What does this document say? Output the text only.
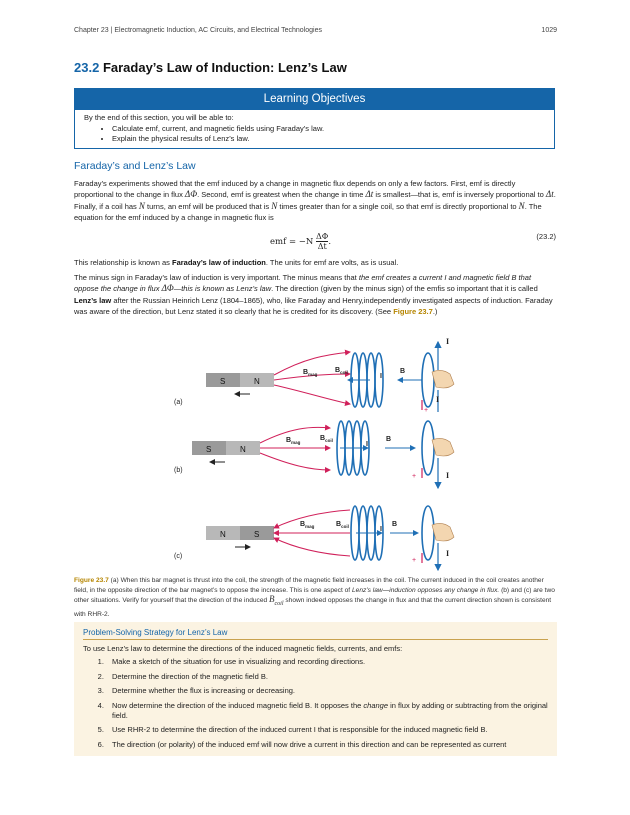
Chapter 23 | Electromagnetic Induction, AC Circuits, and Electrical Technologies	1029
23.2 Faraday’s Law of Induction: Lenz’s Law
Learning Objectives
By the end of this section, you will be able to:
• Calculate emf, current, and magnetic fields using Faraday’s law.
• Explain the physical results of Lenz’s law.
Faraday’s and Lenz’s Law
Faraday’s experiments showed that the emf induced by a change in magnetic flux depends on only a few factors. First, emf is directly proportional to the change in flux ΔΦ. Second, emf is greatest when the change in time Δt is smallest—that is, emf is inversely proportional to Δt. Finally, if a coil has N turns, an emf will be produced that is N times greater than for a single coil, so that emf is directly proportional to N. The equation for the emf induced by a change in magnetic flux is
emf = $-N \frac{\Delta\Phi}{\Delta t}$ .
(23.2)
This relationship is known as Faraday’s law of induction. The units for emf are volts, as is usual.
The minus sign in Faraday’s law of induction is very important. The minus means that the emf creates a current I and magnetic field B that oppose the change in flux ΔΦ—this is known as Lenz’s law. The direction (given by the minus sign) of the emfis so important that it is called Lenz’s law after the Russian Heinrich Lenz (1804–1865), who, like Faraday and Henry,independently investigated aspects of induction. Faraday was aware of the direction, but Lenz stated it so clearly that he is credited for its discovery. (See Figure 23.7.)
(a)
S	N
$B_{mag}$
$B_{coil}$
I
B
I
I
+
(b)
S	N
$B_{mag}$
$B_{coil}$
I
B
I
+
(c)
N	S
$B_{mag}$	$B_{coil}$	I
B
I
+
Figure 23.7 (a) When this bar magnet is thrust into the coil, the strength of the magnetic field increases in the coil. The current induced in the coil creates another field, in the opposite direction of the bar magnet’s to oppose the increase. This is one aspect of Lenz’s law—induction opposes any change in flux. (b) and (c) are two other situations. Verify for yourself that the direction of the induced $B_{coil}$ shown indeed opposes the change in flux and that the current direction shown is consistent with RHR-2.
Problem-Solving Strategy for Lenz’s Law
To use Lenz’s law to determine the directions of the induced magnetic fields, currents, and emfs:
1. Make a sketch of the situation for use in visualizing and recording directions.
2. Determine the direction of the magnetic field B.
3. Determine whether the flux is increasing or decreasing.
4. Now determine the direction of the induced magnetic field B. It opposes the change in flux by adding or subtracting from the original field.
5. Use RHR-2 to determine the direction of the induced current I that is responsible for the induced magnetic field B.
6. The direction (or polarity) of the induced emf will now drive a current in this direction and can be represented as current
